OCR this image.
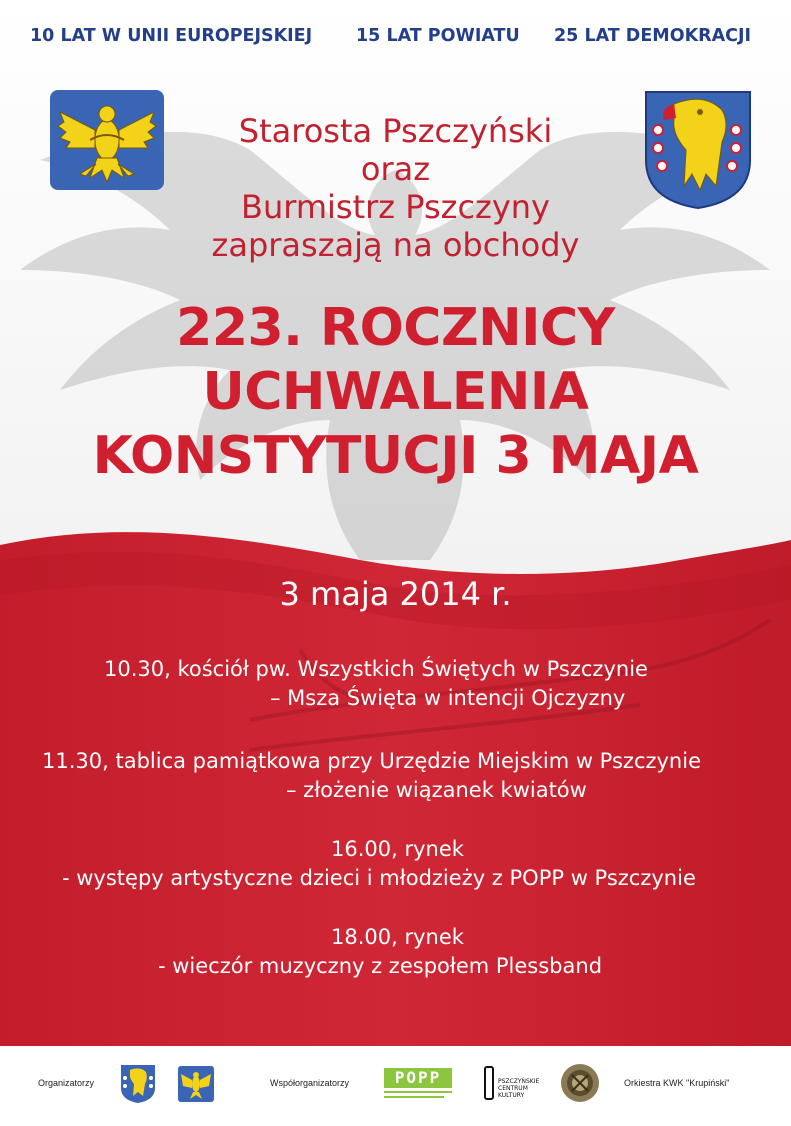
10 LAT W UNII EUROPEJSKIEJ	15 LAT POWIATU 25 LAT DEMOKRACJI
Starosta Pszczyński
oraz
Burmistrz Pszczyny
zapraszają na obchody
223. ROCZNICY
UCHWALENIA
KONSTYTUCJI 3 MAJA
3 maja 2014 r.
10.30, kościół pw. Wszystkich Świętych w Pszczynie
– Msza Święta w intencji Ojczyzny
11.30, tablica pamiątkowa przy Urzędzie Miejskim w Pszczynie
– złożenie wiązanek kwiatów
16.00, rynek
- występy artystyczne dzieci i młodzieży z POPP w Pszczynie
18.00, rynek
- wieczór muzyczny z zespołem Plessband
Organizatorzy	Współorganizatorzy	POPP	PSZCZYŃSKIE CENTRUM KULTURY
Orkiestra KWK "Krupiński"
